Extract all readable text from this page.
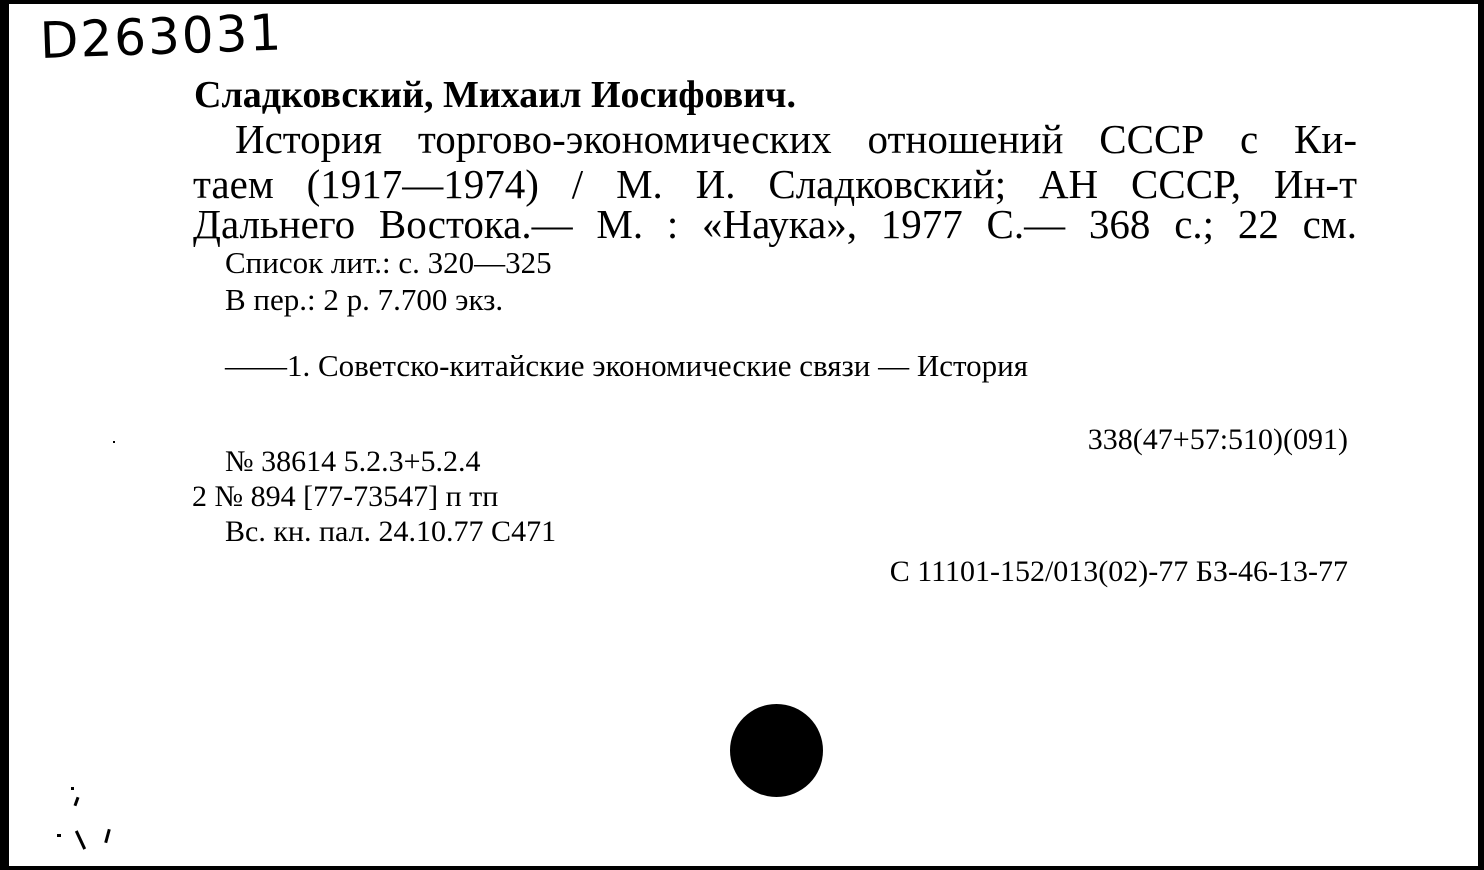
D263031
Сладковский, Михаил Иосифович.
История торгово-экономических отношений СССР с Ки-
таем (1917—1974) / М. И. Сладковский; АН СССР, Ин-т
Дальнего Востока.— М. : «Наука», 1977 С.— 368 с.; 22 см.
Список лит.: с. 320—325
В пер.: 2 р. 7.700 экз.
——1. Советско-китайские экономические связи — История
338(47+57:510)(091)
№ 38614 5.2.3+5.2.4
2 № 894 [77-73547] п тп
Вс. кн. пал. 24.10.77 С471
С 11101-152/013(02)-77 БЗ-46-13-77
